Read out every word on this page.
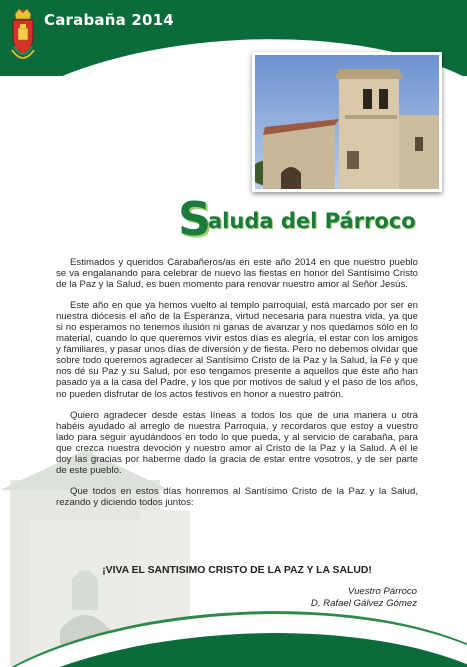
Carabaña 2014
S
aluda del Párroco

Estimados y queridos Carabañeros/as en este año 2014 en que nuestro pueblo se va engalanando para celebrar de nuevo las fiestas en honor del Santísimo Cristo de la Paz y la Salud, es buen momento para renovar nuestro amor al Señor Jesús.

Este año en que ya hemos vuelto al templo parroquial, está marcado por ser en nuestra diócesis el año de la Esperanza, virtud necesaria para nuestra vida, ya que si no esperamos no tenemos ilusión ni ganas de avanzar y nos quedamos sólo en lo material, cuando lo que queremos vivir estos días es alegría, el estar con los amigos y familiares, y pasar unos días de diversión y de fiesta. Pero no debemos olvidar que sobre todo queremos agradecer al Santísimo Cristo de la Paz y la Salud, la Fé y que nos dé su Paz y su Salud, por eso tengamos presente a aquellos que éste año han pasado ya a la casa del Padre, y los que por motivos de salud y el paso de los años, no pueden disfrutar de los actos festivos en honor a nuestro patrón.

Quiero agradecer desde estas líneas a todos los que de una manera u otra habéis ayudado al arreglo de nuestra Parroquia, y recordaros que estoy a vuestro lado para seguir ayudándoos en todo lo que pueda, y al servicio de carabaña, para que crezca nuestra devoción y nuestro amor al Cristo de la Paz y la Salud. A él le doy las gracias por haberme dado la gracia de estar entre vosotros, y de ser parte de este pueblo.

Que todos en estos días honremos al Santísimo Cristo de la Paz y la Salud, rezando y diciendo todos juntos:

¡VIVA EL SANTISIMO CRISTO DE LA PAZ Y LA SALUD!
Vuestro Párroco
D. Rafael Gálvez Gómez
